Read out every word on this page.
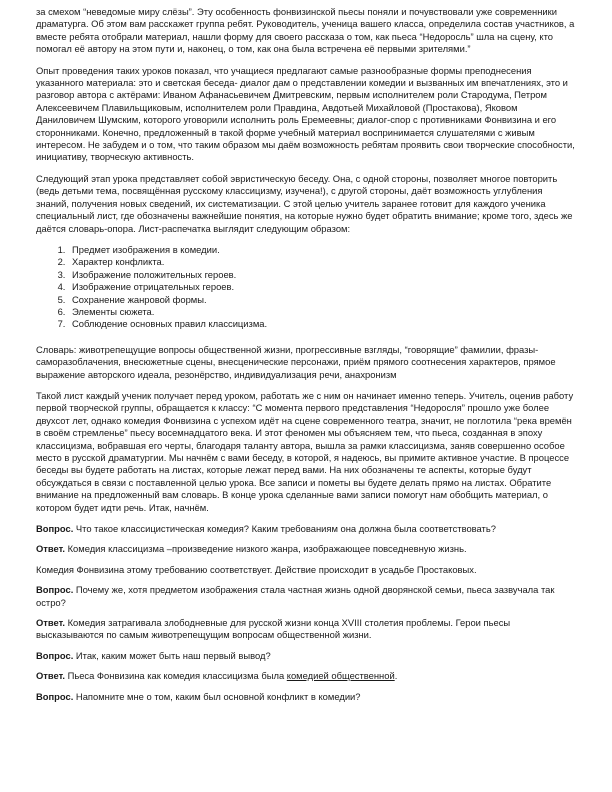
за смехом “неведомые миру слёзы”. Эту особенность фонвизинской пьесы поняли и почувствовали уже современники драматурга. Об этом вам расскажет группа ребят. Руководитель, ученица вашего класса, определила состав участников, а вместе ребята отобрали материал, нашли форму для своего рассказа о том, как пьеса “Недоросль” шла на сцену, кто помогал её автору на этом пути и, наконец, о том, как она была встречена её первыми зрителями.”

Опыт проведения таких уроков показал, что учащиеся предлагают самые разнообразные формы преподнесения указанного материала: это и светская беседа- диалог дам о представлении комедии и вызванных им впечатлениях, это и разговор автора с актёрами: Иваном Афанасьевичем Дмитревским, первым исполнителем роли Стародума, Петром Алексеевичем Плавильщиковым, исполнителем роли Правдина, Авдотьей Михайловой (Простакова), Яковом Даниловичем Шумским, которого уговорили исполнить роль Еремеевны; диалог-спор с противниками Фонвизина и его сторонниками. Конечно, предложенный в такой форме учебный материал воспринимается слушателями с живым интересом. Не забудем и о том, что таким образом мы даём возможность ребятам проявить свои творческие способности, инициативу, творческую активность.

Следующий этап урока представляет собой эвристическую беседу. Она, с одной стороны, позволяет многое повторить (ведь детьми тема, посвящённая русскому классицизму, изучена!), с другой стороны, даёт возможность углубления знаний, получения новых сведений, их систематизации. С этой целью учитель заранее готовит для каждого ученика специальный лист, где обозначены важнейшие понятия, на которые нужно будет обратить внимание; кроме того, здесь же даётся словарь-опора. Лист-распечатка выглядит следующим образом:

1. Предмет изображения в комедии.
2. Характер конфликта.
3. Изображение положительных героев.
4. Изображение отрицательных героев.
5. Сохранение жанровой формы.
6. Элементы сюжета.
7. Соблюдение основных правил классицизма.

Словарь: животрепещущие вопросы общественной жизни, прогрессивные взгляды, “говорящие” фамилии, фразы- саморазоблачения, внесюжетные сцены, внесценические персонажи, приём прямого соотнесения характеров, прямое выражение авторского идеала, резонёрство, индивидуализация речи, анахронизм

Такой лист каждый ученик получает перед уроком, работать же с ним он начинает именно теперь. Учитель, оценив работу первой творческой группы, обращается к классу: “С момента первого представления “Недоросля” прошло уже более двухсот лет, однако комедия Фонвизина с успехом идёт на сцене современного театра, значит, не поглотила “река времён в своём стремленье” пьесу восемнадцатого века. И этот феномен мы объясняем тем, что пьеса, созданная в эпоху классицизма, вобравшая его черты, благодаря таланту автора, вышла за рамки классицизма, заняв совершенно особое место в русской драматургии. Мы начнём с вами беседу, в которой, я надеюсь, вы примите активное участие. В процессе беседы вы будете работать на листах, которые лежат перед вами. На них обозначены те аспекты, которые будут обсуждаться в связи с поставленной целью урока. Все записи и пометы вы будете делать прямо на листах. Обратите внимание на предложенный вам словарь. В конце урока сделанные вами записи помогут нам обобщить материал, о котором будет идти речь. Итак, начнём.

Вопрос. Что такое классицистическая комедия? Каким требованиям она должна была соответствовать?

Ответ. Комедия классицизма –произведение низкого жанра, изображающее повседневную жизнь.

Комедия Фонвизина этому требованию соответствует. Действие происходит в усадьбе Простаковых.

Вопрос. Почему же, хотя предметом изображения стала частная жизнь одной дворянской семьи, пьеса зазвучала так остро?

Ответ. Комедия затрагивала злободневные для русской жизни конца XVIII столетия проблемы. Герои пьесы высказываются по самым животрепещущим вопросам общественной жизни.

Вопрос. Итак, каким может быть наш первый вывод?

Ответ. Пьеса Фонвизина как комедия классицизма была комедией общественной.

Вопрос. Напомните мне о том, каким был основной конфликт в комедии?
